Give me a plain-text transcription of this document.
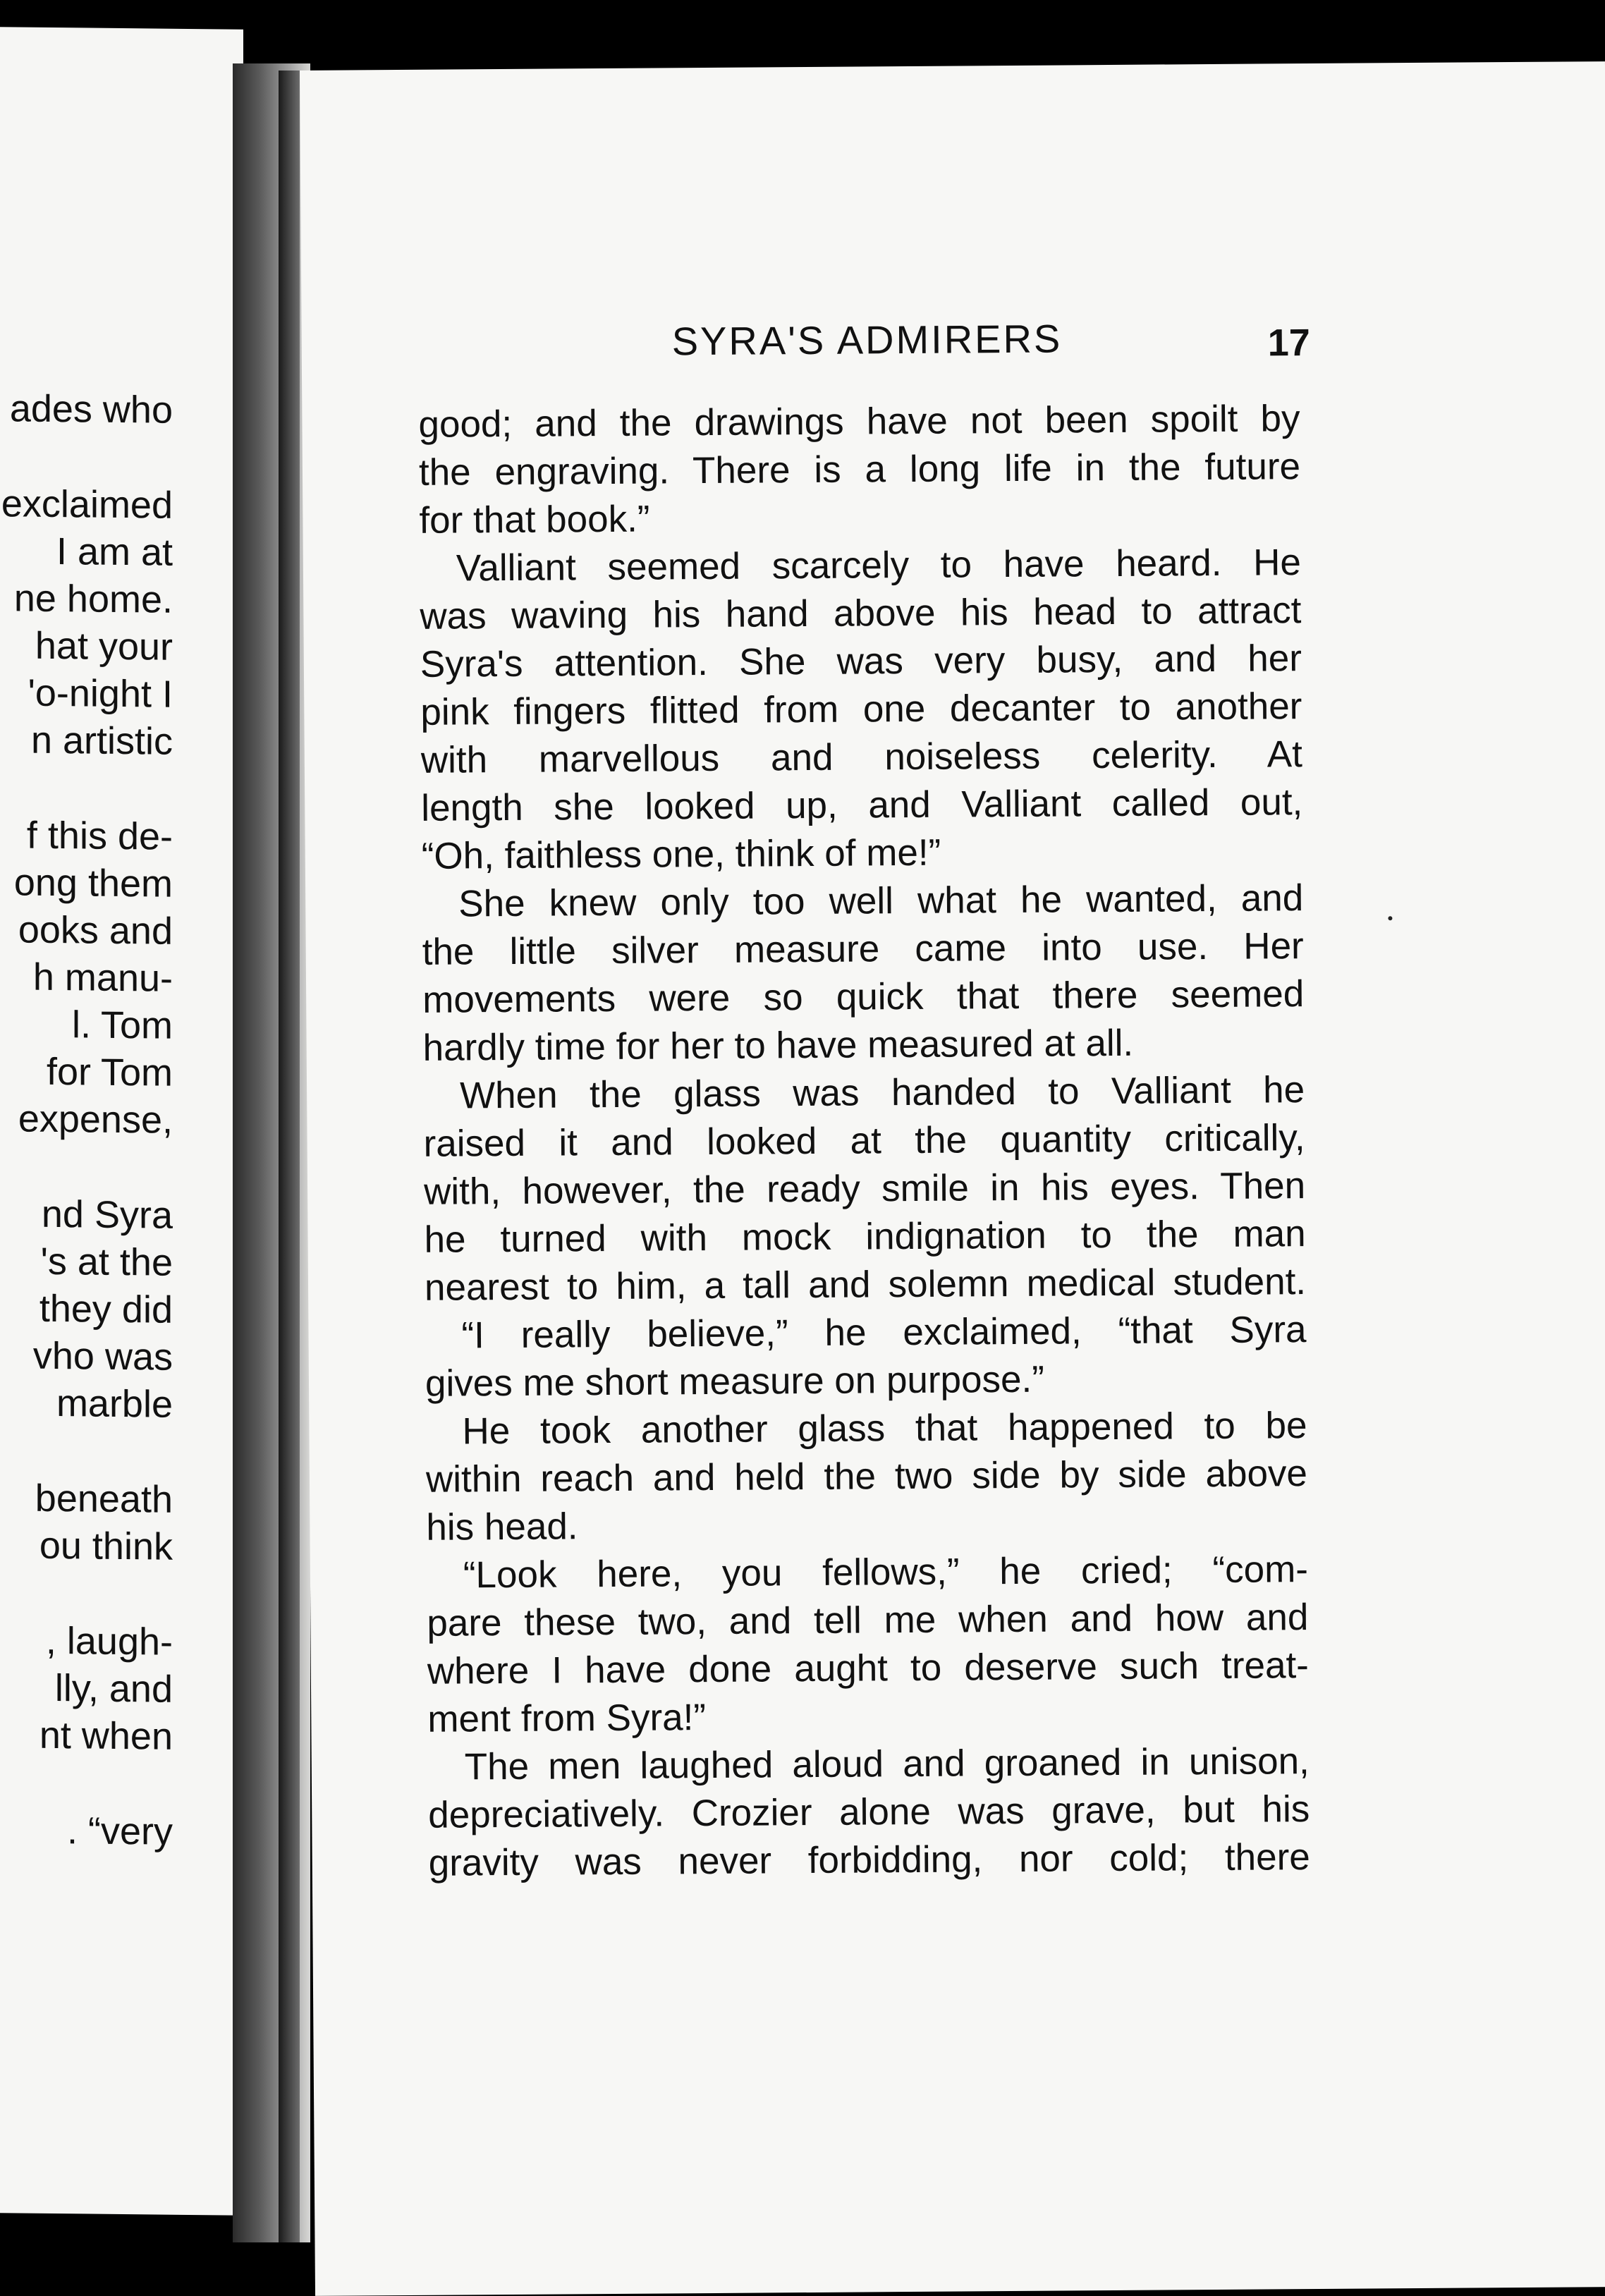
ades who
exclaimed
I am at
ne home.
hat your
'o-night I
n artistic
f this de-
ong them
ooks and
h manu-
l. Tom
for Tom
expense,
nd Syra
's at the
they did
vho was
marble
beneath
ou think
, laugh-
lly, and
nt when
. “very
SYRA'S ADMIRERS	17
good; and the drawings have not been spoilt by
the engraving. There is a long life in the future
for that book.”
Valliant seemed scarcely to have heard. He
was waving his hand above his head to attract
Syra's attention. She was very busy, and her
pink fingers flitted from one decanter to another
with marvellous and noiseless celerity. At
length she looked up, and Valliant called out,
“Oh, faithless one, think of me!”
She knew only too well what he wanted, and
the little silver measure came into use. Her
movements were so quick that there seemed
hardly time for her to have measured at all.
When the glass was handed to Valliant he
raised it and looked at the quantity critically,
with, however, the ready smile in his eyes. Then
he turned with mock indignation to the man
nearest to him, a tall and solemn medical student.
“I really believe,” he exclaimed, “that Syra
gives me short measure on purpose.”
He took another glass that happened to be
within reach and held the two side by side above
his head.
“Look here, you fellows,” he cried; “com-
pare these two, and tell me when and how and
where I have done aught to deserve such treat-
ment from Syra!”
The men laughed aloud and groaned in unison,
depreciatively. Crozier alone was grave, but his
gravity was never forbidding, nor cold; there
